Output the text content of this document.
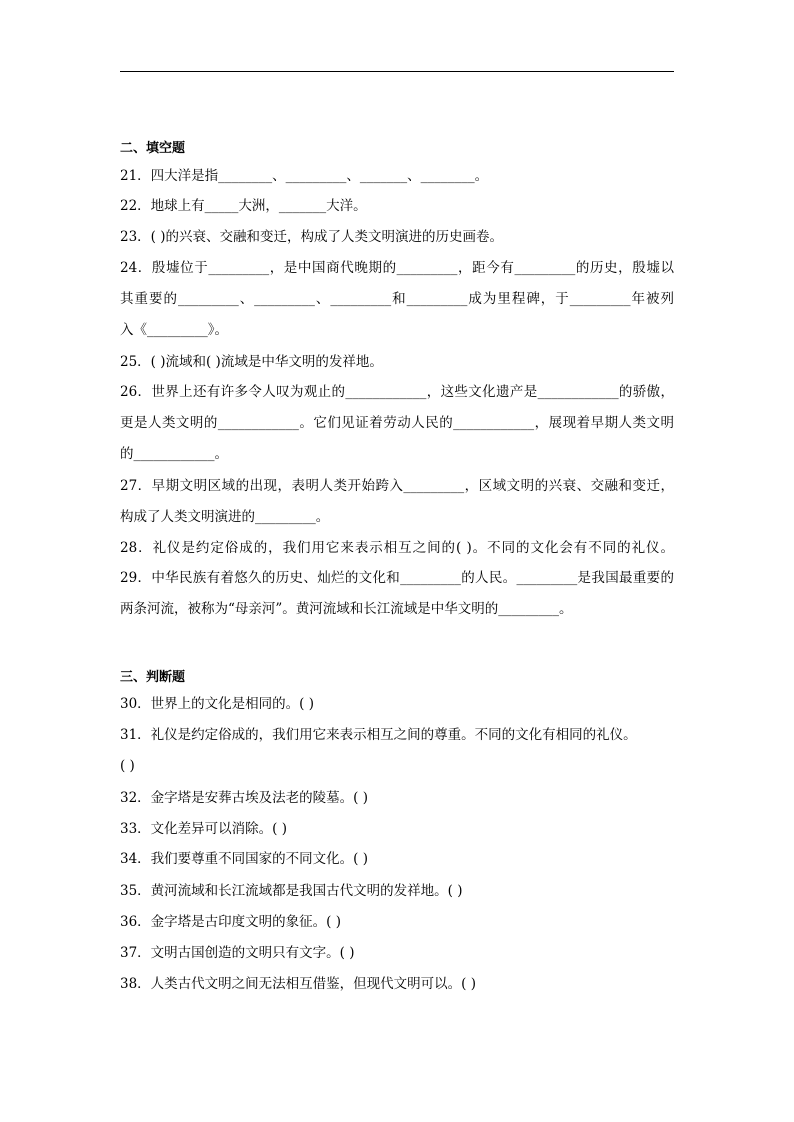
二、填空题
21．四大洋是指________、_________、_______、________。
22．地球上有_____大洲，_______大洋。
23．( )的兴衰、交融和变迁，构成了人类文明演进的历史画卷。
24．殷墟位于_________，是中国商代晚期的_________，距今有_________的历史，殷墟以
其重要的_________、_________、_________和_________成为里程碑，于_________年被列
入《_________》。
25．( )流域和( )流域是中华文明的发祥地。
26．世界上还有许多令人叹为观止的____________，这些文化遗产是____________的骄傲，
更是人类文明的____________。它们见证着劳动人民的____________，展现着早期人类文明
的____________。
27．早期文明区域的出现，表明人类开始跨入_________，区域文明的兴衰、交融和变迁，
构成了人类文明演进的_________。
28．礼仪是约定俗成的，我们用它来表示相互之间的( )。不同的文化会有不同的礼仪。
29．中华民族有着悠久的历史、灿烂的文化和_________的人民。_________是我国最重要的
两条河流，被称为“母亲河”。黄河流域和长江流域是中华文明的_________。
三、判断题
30．世界上的文化是相同的。( )
31．礼仪是约定俗成的，我们用它来表示相互之间的尊重。不同的文化有相同的礼仪。
( )
32．金字塔是安葬古埃及法老的陵墓。( )
33．文化差异可以消除。( )
34．我们要尊重不同国家的不同文化。( )
35．黄河流域和长江流域都是我国古代文明的发祥地。( )
36．金字塔是古印度文明的象征。( )
37．文明古国创造的文明只有文字。( )
38．人类古代文明之间无法相互借鉴，但现代文明可以。( )
